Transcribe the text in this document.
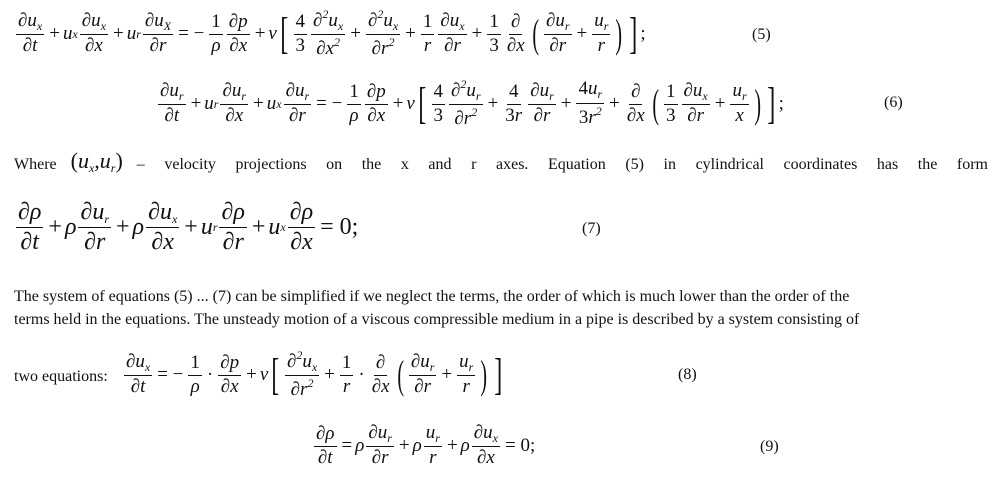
$\frac{\partial u_x}{\partial t} + u$ x $\frac{\partial u_x}{\partial x} + u$ r $\frac{\partial u_X}{\partial r}$ = − $\frac{1}{\rho} \frac{\partial p}{\partial x} + \nu$ [ $\frac{4}{3} \frac{\partial^2u_x}{\partial x^2} + \frac{\partial^2u_x}{\partial r^2} + \frac{1}{r} \frac{\partial u_x}{\partial r} + \frac{1}{3} \frac{\partial}{\partial x}$ ( $\frac{\partial u_r}{\partial r} + \frac{u_r}{r}$ ) ] ;	(5)
$\frac{\partial u_r}{\partial t} + u$ r $\frac{\partial u_r}{\partial x} + u$ x $\frac{\partial u_r}{\partial r}$ = − $\frac{1}{\rho} \frac{\partial p}{\partial x} + \nu$ [ $\frac{4}{3} \frac{\partial^2u_r}{\partial r^2} + \frac{4}{3r} \frac{\partial u_r}{\partial r} + \frac{4u_r}{3r^2} + \frac{\partial}{\partial x}$ ( $\frac{1}{3} \frac{\partial u_x}{\partial r} + \frac{u_r}{x}$ ) ] ;	(6)
Where $(u_x,u_r)$ – velocity projections on the x and r axes. Equation (5) in cylindrical coordinates has the form
$\frac{\partial\rho}{\partial t} + \rho \frac{\partial u_r}{\partial r} + \rho \frac{\partial u_x}{\partial x} + u$ r $\frac{\partial\rho}{\partial r} + u$ x $\frac{\partial\rho}{\partial x} = 0$;	(7)
The system of equations (5) ... (7) can be simplified if we neglect the terms, the order of which is much lower than the order of the
terms held in the equations. The unsteady motion of a viscous compressible medium in a pipe is described by a system consisting of
two equations: $\frac{\partial u_x}{\partial t}$ = − $\frac{1}{\rho} \cdot \frac{\partial p}{\partial x} + \nu$ [ $\frac{\partial^2u_x}{\partial r^2} + \frac{1}{r} \cdot \frac{\partial}{\partial x}$ ( $\frac{\partial u_r}{\partial r} + \frac{u_r}{r}$ ) ]	(8)
$\frac{\partial\rho}{\partial t} = \rho \frac{\partial u_r}{\partial r} + \rho \frac{u_r}{r} + \rho \frac{\partial u_x}{\partial x} = 0$;	(9)
